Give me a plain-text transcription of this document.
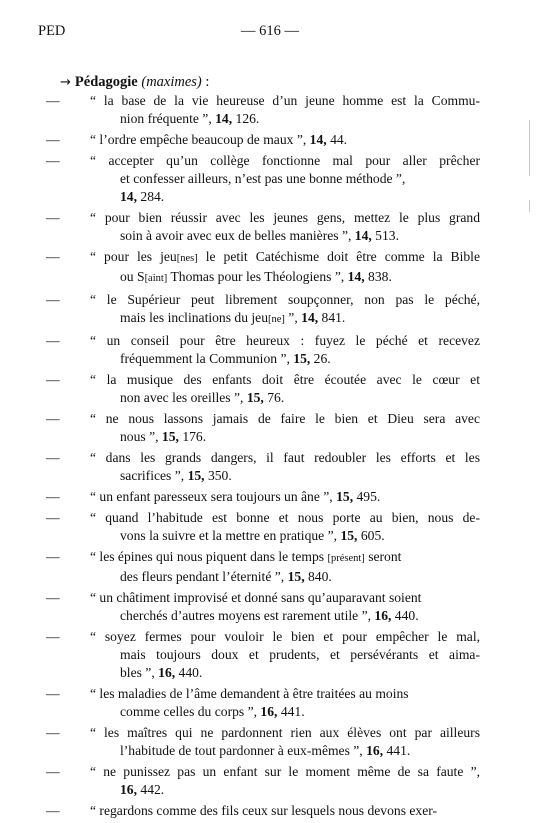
PED	— 616 —
→ Pédagogie (maximes) :
— “ la base de la vie heureuse d’un jeune homme est la Commu-
nion fréquente ”, 14, 126.
— “ l’ordre empêche beaucoup de maux ”, 14, 44.
— “ accepter qu’un collège fonctionne mal pour aller prêcher
et confesser ailleurs, n’est pas une bonne méthode ”,
14, 284.
— “ pour bien réussir avec les jeunes gens, mettez le plus grand
soin à avoir avec eux de belles manières ”, 14, 513.
— “ pour les jeu[nes] le petit Catéchisme doit être comme la Bible
ou S[aint] Thomas pour les Théologiens ”, 14, 838.
— “ le Supérieur peut librement soupçonner, non pas le péché,
mais les inclinations du jeu[ne] ”, 14, 841.
— “ un conseil pour être heureux : fuyez le péché et recevez
fréquemment la Communion ”, 15, 26.
— “ la musique des enfants doit être écoutée avec le cœur et
non avec les oreilles ”, 15, 76.
— “ ne nous lassons jamais de faire le bien et Dieu sera avec
nous ”, 15, 176.
— “ dans les grands dangers, il faut redoubler les efforts et les
sacrifices ”, 15, 350.
— “ un enfant paresseux sera toujours un âne ”, 15, 495.
— “ quand l’habitude est bonne et nous porte au bien, nous de-
vons la suivre et la mettre en pratique ”, 15, 605.
— “ les épines qui nous piquent dans le temps [présent] seront
des fleurs pendant l’éternité ”, 15, 840.
— “ un châtiment improvisé et donné sans qu’auparavant soient
cherchés d’autres moyens est rarement utile ”, 16, 440.
— “ soyez fermes pour vouloir le bien et pour empêcher le mal,
mais toujours doux et prudents, et persévérants et aima-
bles ”, 16, 440.
— “ les maladies de l’âme demandent à être traitées au moins
comme celles du corps ”, 16, 441.
— “ les maîtres qui ne pardonnent rien aux élèves ont par ailleurs
l’habitude de tout pardonner à eux-mêmes ”, 16, 441.
— “ ne punissez pas un enfant sur le moment même de sa faute ”,
16, 442.
— “ regardons comme des fils ceux sur lesquels nous devons exer-
